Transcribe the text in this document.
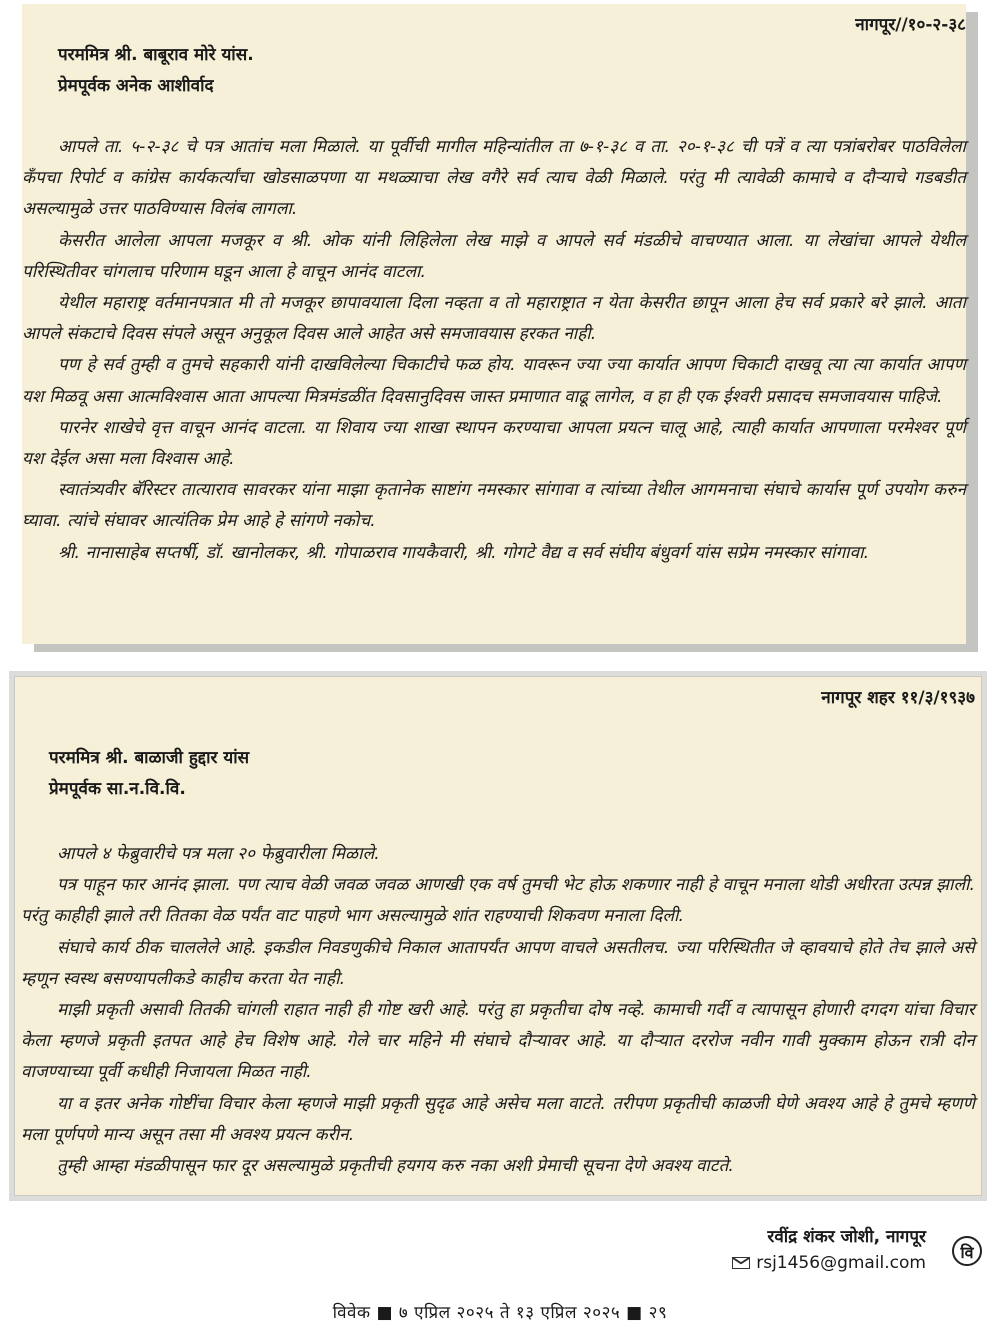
नागपूर//१०-२-३८
परममित्र श्री. बाबूराव मोरे यांस.
प्रेमपूर्वक अनेक आशीर्वाद

आपले ता. ५-२-३८ चे पत्र आतांच मला मिळाले. या पूर्वीची मागील महिन्यांतील ता ७-१-३८ व ता. २०-१-३८ ची पत्रें व त्या पत्रांबरोबर पाठविलेला कँपचा रिपोर्ट व कांग्रेस कार्यकर्त्यांचा खोडसाळपणा या मथळ्याचा लेख वगैरे सर्व त्याच वेळी मिळाले. परंतु मी त्यावेळी कामाचे व दौऱ्याचे गडबडीत असल्यामुळे उत्तर पाठविण्यास विलंब लागला.

केसरीत आलेला आपला मजकूर व श्री. ओक यांनी लिहिलेला लेख माझे व आपले सर्व मंडळीचे वाचण्यात आला. या लेखांचा आपले येथील परिस्थितीवर चांगलाच परिणाम घडून आला हे वाचून आनंद वाटला.

येथील महाराष्ट्र वर्तमानपत्रात मी तो मजकूर छापावयाला दिला नव्हता व तो महाराष्ट्रात न येता केसरीत छापून आला हेच सर्व प्रकारे बरे झाले. आता आपले संकटाचे दिवस संपले असून अनुकूल दिवस आले आहेत असे समजावयास हरकत नाही.

पण हे सर्व तुम्ही व तुमचे सहकारी यांनी दाखविलेल्या चिकाटीचे फळ होय. यावरून ज्या ज्या कार्यात आपण चिकाटी दाखवू त्या त्या कार्यात आपण यश मिळवू असा आत्मविश्वास आता आपल्या मित्रमंडळींत दिवसानुदिवस जास्त प्रमाणात वाढू लागेल, व हा ही एक ईश्वरी प्रसादच समजावयास पाहिजे.

पारनेर शाखेचे वृत्त वाचून आनंद वाटला. या शिवाय ज्या शाखा स्थापन करण्याचा आपला प्रयत्न चालू आहे, त्याही कार्यात आपणाला परमेश्वर पूर्ण यश देईल असा मला विश्वास आहे.

स्वातंत्र्यवीर बॅरिस्टर तात्याराव सावरकर यांना माझा कृतानेक साष्टांग नमस्कार सांगावा व त्यांच्या तेथील आगमनाचा संघाचे कार्यास पूर्ण उपयोग करुन घ्यावा. त्यांचे संघावर आत्यंतिक प्रेम आहे हे सांगणे नकोच.

श्री. नानासाहेब सप्तर्षी, डॉ. खानोलकर, श्री. गोपाळराव गायकैवारी, श्री. गोगटे वैद्य व सर्व संघीय बंधुवर्ग यांस सप्रेम नमस्कार सांगावा.

नागपूर शहर ११/३/१९३७
परममित्र श्री. बाळाजी हुद्दार यांस
प्रेमपूर्वक सा.न.वि.वि.

आपले ४ फेब्रुवारीचे पत्र मला २० फेब्रुवारीला मिळाले.

पत्र पाहून फार आनंद झाला. पण त्याच वेळी जवळ जवळ आणखी एक वर्ष तुमची भेट होऊ शकणार नाही हे वाचून मनाला थोडी अधीरता उत्पन्न झाली. परंतु काहीही झाले तरी तितका वेळ पर्यंत वाट पाहणे भाग असल्यामुळे शांत राहण्याची शिकवण मनाला दिली.

संघाचे कार्य ठीक चाललेले आहे. इकडील निवडणुकीचे निकाल आतापर्यंत आपण वाचले असतीलच. ज्या परिस्थितीत जे व्हावयाचे होते तेच झाले असे म्हणून स्वस्थ बसण्यापलीकडे काहीच करता येत नाही.

माझी प्रकृती असावी तितकी चांगली राहात नाही ही गोष्ट खरी आहे. परंतु हा प्रकृतीचा दोष नव्हे. कामाची गर्दी व त्यापासून होणारी दगदग यांचा विचार केला म्हणजे प्रकृती इतपत आहे हेच विशेष आहे. गेले चार महिने मी संघाचे दौऱ्यावर आहे. या दौऱ्यात दररोज नवीन गावी मुक्काम होऊन रात्री दोन वाजण्याच्या पूर्वी कधीही निजायला मिळत नाही.

या व इतर अनेक गोष्टींचा विचार केला म्हणजे माझी प्रकृती सुदृढ आहे असेच मला वाटते. तरीपण प्रकृतीची काळजी घेणे अवश्य आहे हे तुमचे म्हणणे मला पूर्णपणे मान्य असून तसा मी अवश्य प्रयत्न करीन.

तुम्ही आम्हा मंडळीपासून फार दूर असल्यामुळे प्रकृतीची हयगय करु नका अशी प्रेमाची सूचना देणे अवश्य वाटते.

रवींद्र शंकर जोशी, नागपूर
rsj1456@gmail.com
वि
विवेक ■ ७ एप्रिल २०२५ ते १३ एप्रिल २०२५ ■ २९
